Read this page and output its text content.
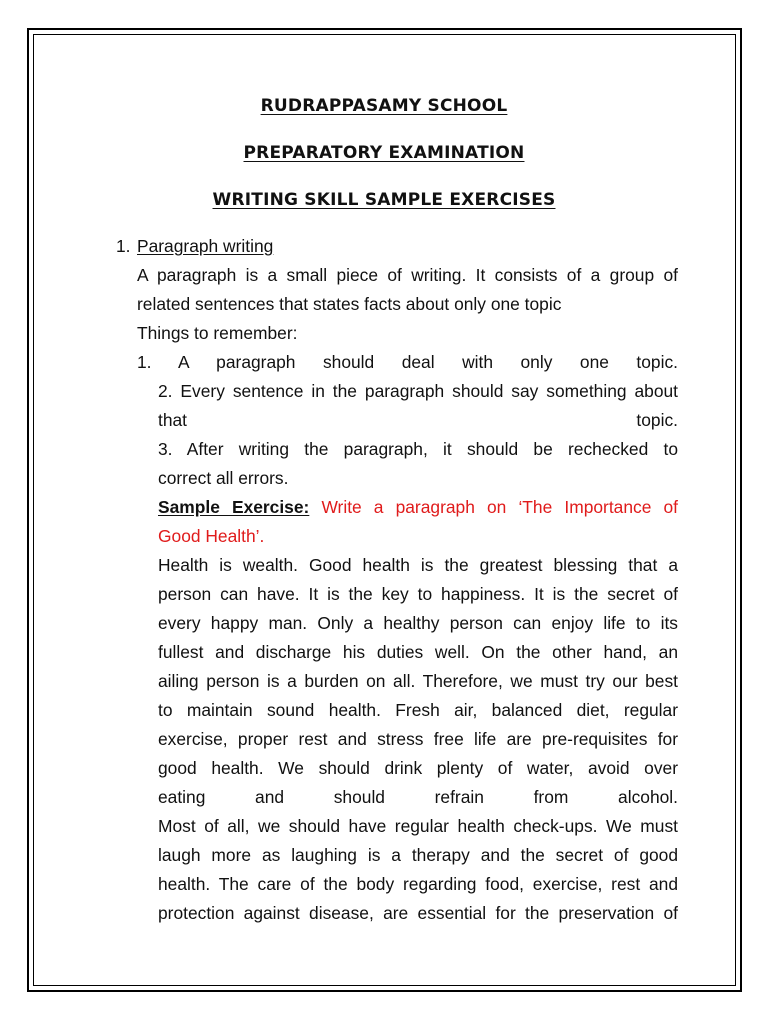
RUDRAPPASAMY SCHOOL
PREPARATORY EXAMINATION
WRITING SKILL SAMPLE EXERCISES
1. Paragraph writing
A paragraph is a small piece of writing. It consists of a group of
related sentences that states facts about only one topic
Things to remember:
1. A paragraph should deal with only one topic.
2. Every sentence in the paragraph should say something about
that topic.
3. After writing the paragraph, it should be rechecked to
correct all errors.
Sample Exercise: Write a paragraph on ‘The Importance of
Good Health’.
Health is wealth. Good health is the greatest blessing that a
person can have. It is the key to happiness. It is the secret of
every happy man. Only a healthy person can enjoy life to its
fullest and discharge his duties well. On the other hand, an
ailing person is a burden on all. Therefore, we must try our best
to maintain sound health. Fresh air, balanced diet, regular
exercise, proper rest and stress free life are pre-requisites for
good health. We should drink plenty of water, avoid over
eating and should refrain from alcohol.
Most of all, we should have regular health check-ups. We must
laugh more as laughing is a therapy and the secret of good
health. The care of the body regarding food, exercise, rest and
protection against disease, are essential for the preservation of
